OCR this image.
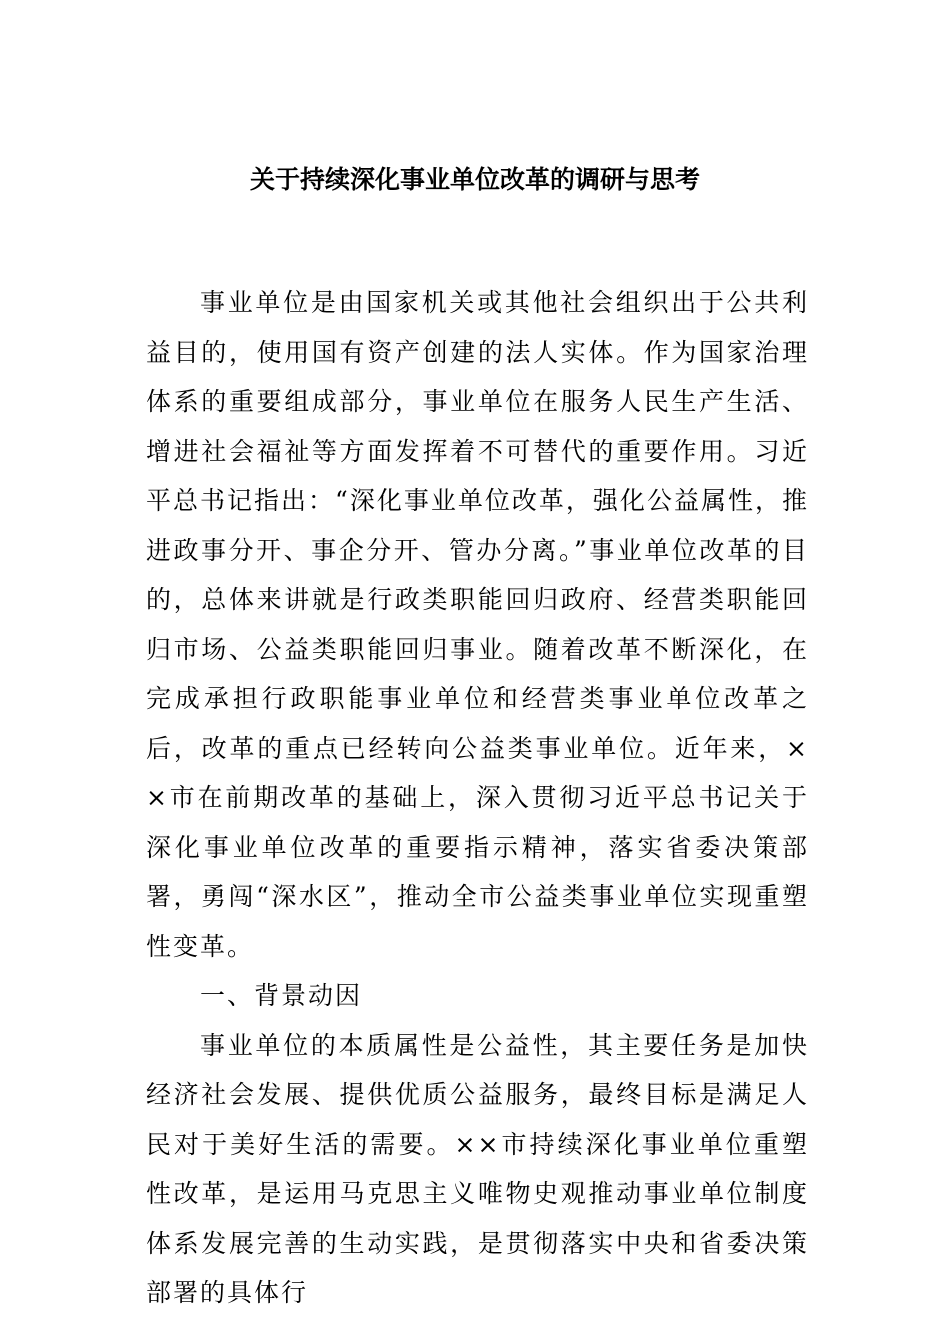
关于持续深化事业单位改革的调研与思考

事业单位是由国家机关或其他社会组织出于公共利益目的，使用国有资产创建的法人实体。作为国家治理体系的重要组成部分，事业单位在服务人民生产生活、增进社会福祉等方面发挥着不可替代的重要作用。习近平总书记指出：“深化事业单位改革，强化公益属性，推进政事分开、事企分开、管办分离。”事业单位改革的目的，总体来讲就是行政类职能回归政府、经营类职能回归市场、公益类职能回归事业。随着改革不断深化，在完成承担行政职能事业单位和经营类事业单位改革之后，改革的重点已经转向公益类事业单位。近年来，××市在前期改革的基础上，深入贯彻习近平总书记关于深化事业单位改革的重要指示精神，落实省委决策部署，勇闯“深水区”，推动全市公益类事业单位实现重塑性变革。

一、背景动因

事业单位的本质属性是公益性，其主要任务是加快经济社会发展、提供优质公益服务，最终目标是满足人民对于美好生活的需要。××市持续深化事业单位重塑性改革，是运用马克思主义唯物史观推动事业单位制度体系发展完善的生动实践，是贯彻落实中央和省委决策部署的具体行
